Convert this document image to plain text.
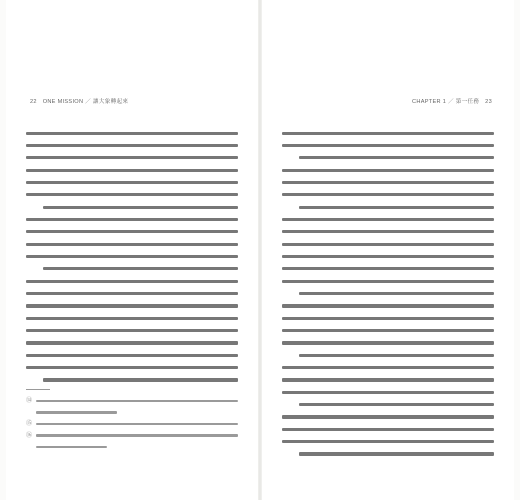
22 ONE MISSION ／ 讓大象轉起來
⑭
⑮
⑯
CHAPTER 1 ／ 第一任務 23
